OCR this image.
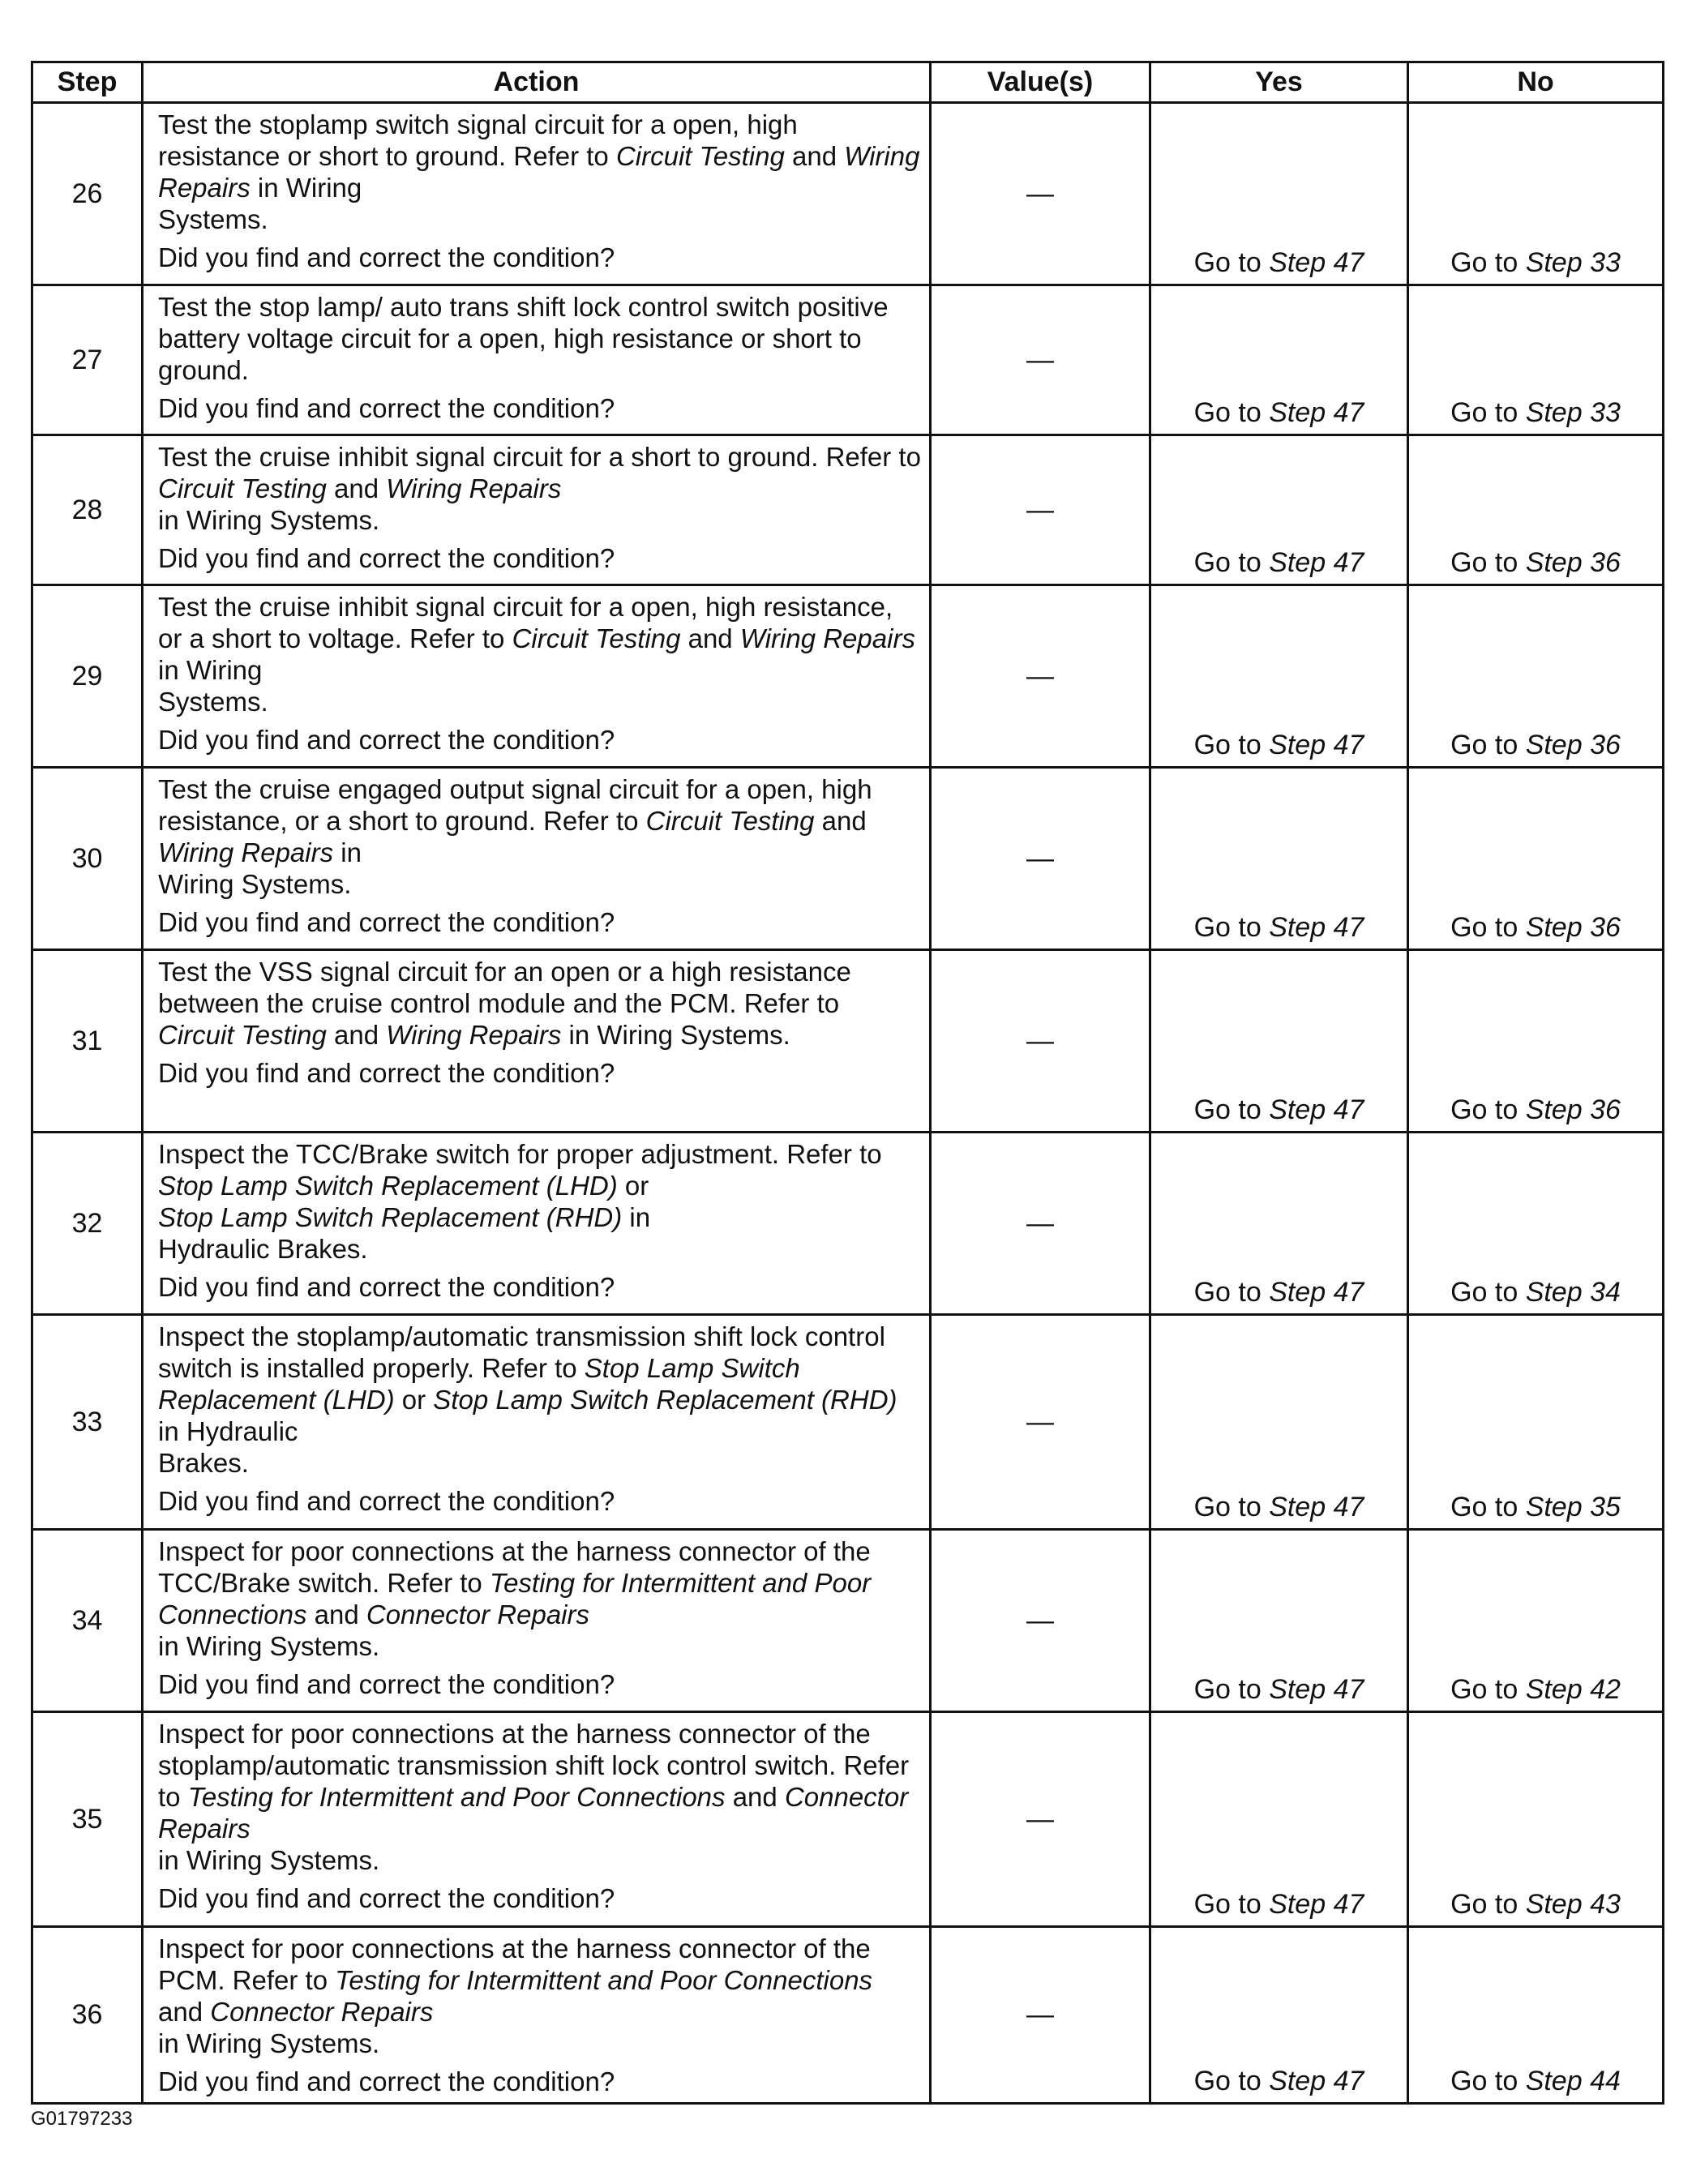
Step	Action	Value(s)	Yes	No
26	Test the stoplamp switch signal circuit for a open, high resistance or short to ground. Refer to Circuit Testing and Wiring Repairs in Wiring
Systems.
Did you find and correct the condition?	—	Go to Step 47	Go to Step 33
27	Test the stop lamp/ auto trans shift lock control switch positive battery voltage circuit for a open, high resistance or short to ground.
Did you find and correct the condition?	—	Go to Step 47	Go to Step 33
28	Test the cruise inhibit signal circuit for a short to ground. Refer to Circuit Testing and Wiring Repairs
in Wiring Systems.
Did you find and correct the condition?	—	Go to Step 47	Go to Step 36
29	Test the cruise inhibit signal circuit for a open, high resistance, or a short to voltage. Refer to Circuit Testing and Wiring Repairs in Wiring
Systems.
Did you find and correct the condition?	—	Go to Step 47	Go to Step 36
30	Test the cruise engaged output signal circuit for a open, high resistance, or a short to ground. Refer to Circuit Testing and Wiring Repairs in
Wiring Systems.
Did you find and correct the condition?	—	Go to Step 47	Go to Step 36
31	Test the VSS signal circuit for an open or a high resistance between the cruise control module and the PCM. Refer to Circuit Testing and Wiring Repairs in Wiring Systems.
Did you find and correct the condition?	—	Go to Step 47	Go to Step 36
32	Inspect the TCC/Brake switch for proper adjustment. Refer to Stop Lamp Switch Replacement (LHD) or
Stop Lamp Switch Replacement (RHD) in
Hydraulic Brakes.
Did you find and correct the condition?	—	Go to Step 47	Go to Step 34
33	Inspect the stoplamp/automatic transmission shift lock control switch is installed properly. Refer to Stop Lamp Switch Replacement (LHD) or Stop Lamp Switch Replacement (RHD) in Hydraulic
Brakes.
Did you find and correct the condition?	—	Go to Step 47	Go to Step 35
34	Inspect for poor connections at the harness connector of the TCC/Brake switch. Refer to Testing for Intermittent and Poor Connections and Connector Repairs
in Wiring Systems.
Did you find and correct the condition?	—	Go to Step 47	Go to Step 42
35	Inspect for poor connections at the harness connector of the stoplamp/automatic transmission shift lock control switch. Refer to Testing for Intermittent and Poor Connections and Connector Repairs
in Wiring Systems.
Did you find and correct the condition?	—	Go to Step 47	Go to Step 43
36	Inspect for poor connections at the harness connector of the PCM. Refer to Testing for Intermittent and Poor Connections and Connector Repairs
in Wiring Systems.
Did you find and correct the condition?	—	Go to Step 47	Go to Step 44
G01797233
